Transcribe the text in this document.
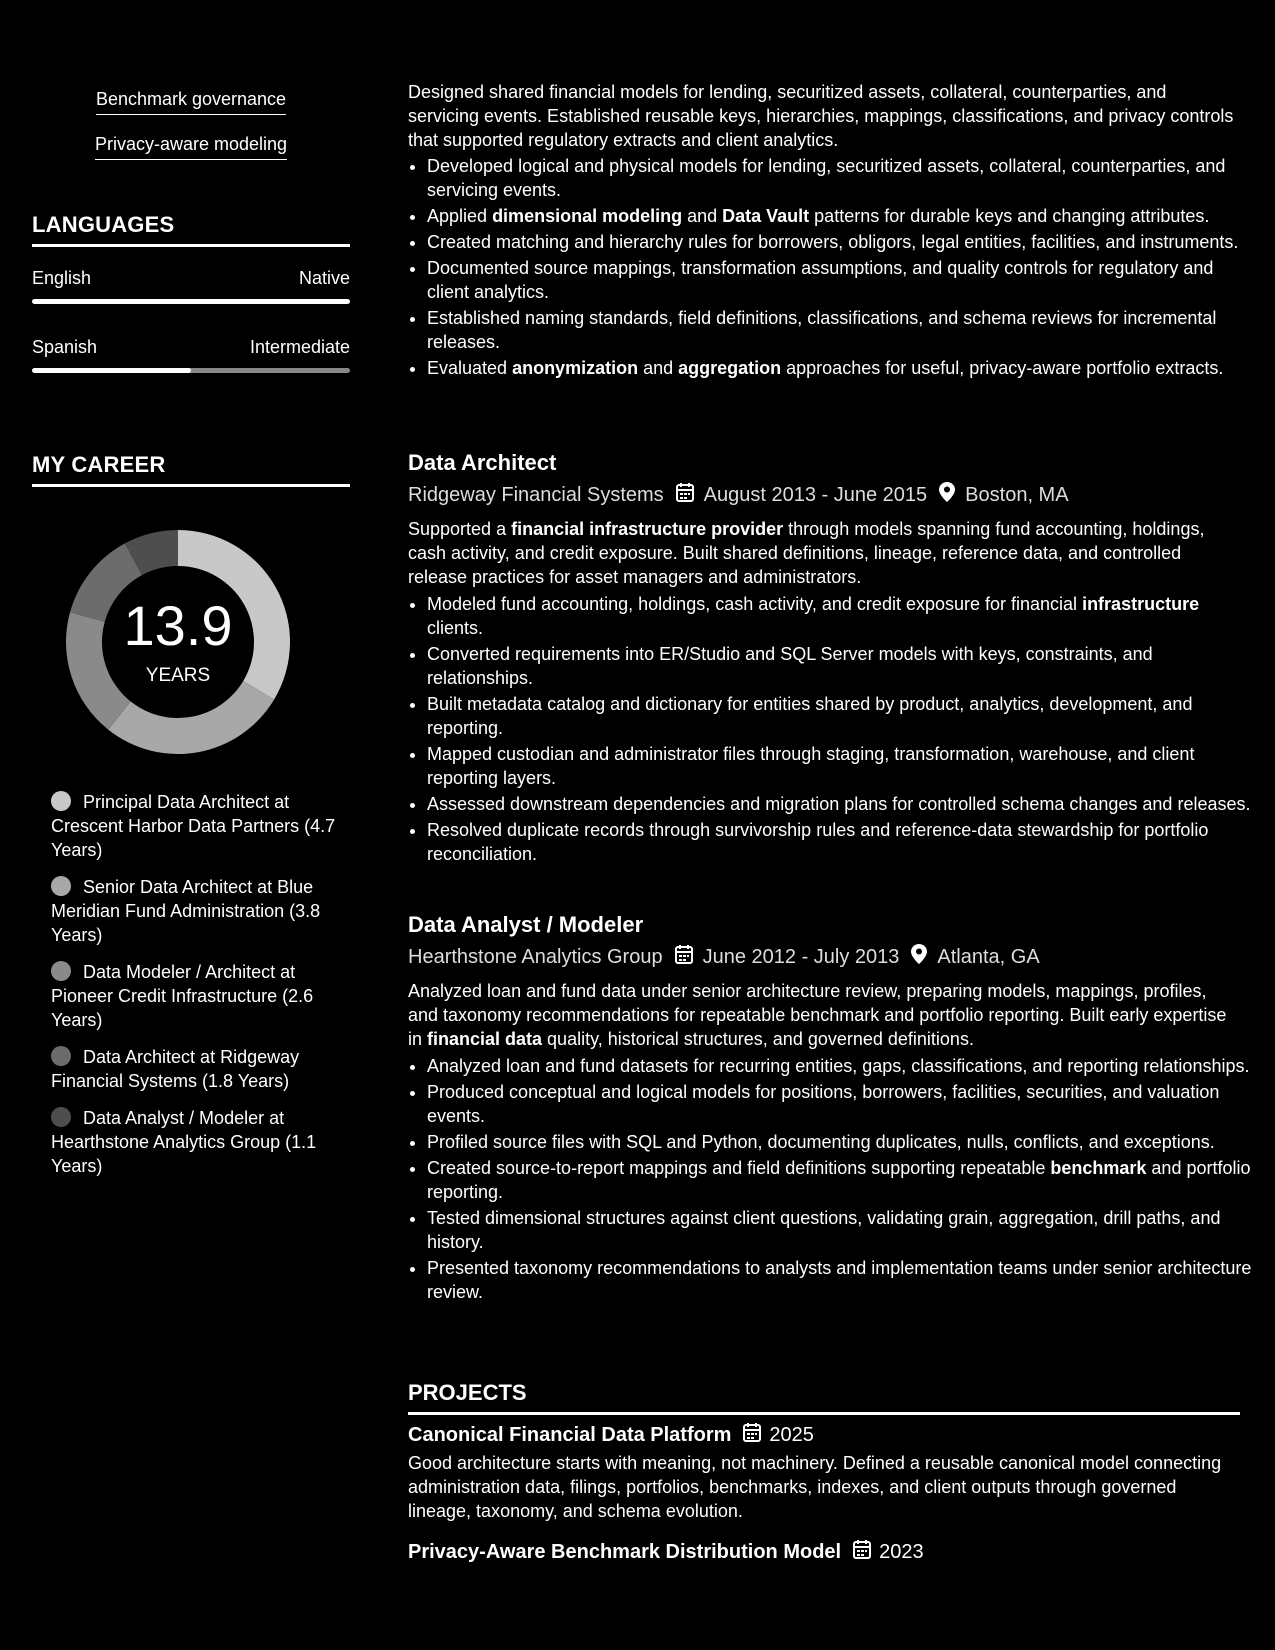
Benchmark governance
Privacy-aware modeling
LANGUAGES
English	Native
Spanish	Intermediate
MY CAREER
13.9
YEARS
Principal Data Architect at Crescent Harbor Data Partners (4.7 Years)
Senior Data Architect at Blue Meridian Fund Administration (3.8 Years)
Data Modeler / Architect at Pioneer Credit Infrastructure (2.6 Years)
Data Architect at Ridgeway Financial Systems (1.8 Years)
Data Analyst / Modeler at Hearthstone Analytics Group (1.1 Years)

Designed shared financial models for lending, securitized assets, collateral, counterparties, and servicing events. Established reusable keys, hierarchies, mappings, classifications, and privacy controls that supported regulatory extracts and client analytics.

• Developed logical and physical models for lending, securitized assets, collateral, counterparties, and servicing events.
• Applied dimensional modeling and Data Vault patterns for durable keys and changing attributes.
• Created matching and hierarchy rules for borrowers, obligors, legal entities, facilities, and instruments.
• Documented source mappings, transformation assumptions, and quality controls for regulatory and client analytics.
• Established naming standards, field definitions, classifications, and schema reviews for incremental releases.
• Evaluated anonymization and aggregation approaches for useful, privacy-aware portfolio extracts.
Data Architect
Ridgeway Financial Systems August 2013 - June 2015 Boston, MA

Supported a financial infrastructure provider through models spanning fund accounting, holdings, cash activity, and credit exposure. Built shared definitions, lineage, reference data, and controlled release practices for asset managers and administrators.

• Modeled fund accounting, holdings, cash activity, and credit exposure for financial infrastructure clients.
• Converted requirements into ER/Studio and SQL Server models with keys, constraints, and relationships.
• Built metadata catalog and dictionary for entities shared by product, analytics, development, and reporting.
• Mapped custodian and administrator files through staging, transformation, warehouse, and client reporting layers.
• Assessed downstream dependencies and migration plans for controlled schema changes and releases.
• Resolved duplicate records through survivorship rules and reference-data stewardship for portfolio reconciliation.
Data Analyst / Modeler
Hearthstone Analytics Group June 2012 - July 2013 Atlanta, GA

Analyzed loan and fund data under senior architecture review, preparing models, mappings, profiles, and taxonomy recommendations for repeatable benchmark and portfolio reporting. Built early expertise in financial data quality, historical structures, and governed definitions.

• Analyzed loan and fund datasets for recurring entities, gaps, classifications, and reporting relationships.
• Produced conceptual and logical models for positions, borrowers, facilities, securities, and valuation events.
• Profiled source files with SQL and Python, documenting duplicates, nulls, conflicts, and exceptions.
• Created source-to-report mappings and field definitions supporting repeatable benchmark and portfolio reporting.
• Tested dimensional structures against client questions, validating grain, aggregation, drill paths, and history.
• Presented taxonomy recommendations to analysts and implementation teams under senior architecture review.
PROJECTS
Canonical Financial Data Platform 2025

Good architecture starts with meaning, not machinery. Defined a reusable canonical model connecting administration data, filings, portfolios, benchmarks, indexes, and client outputs through governed lineage, taxonomy, and schema evolution.

Privacy-Aware Benchmark Distribution Model 2023
